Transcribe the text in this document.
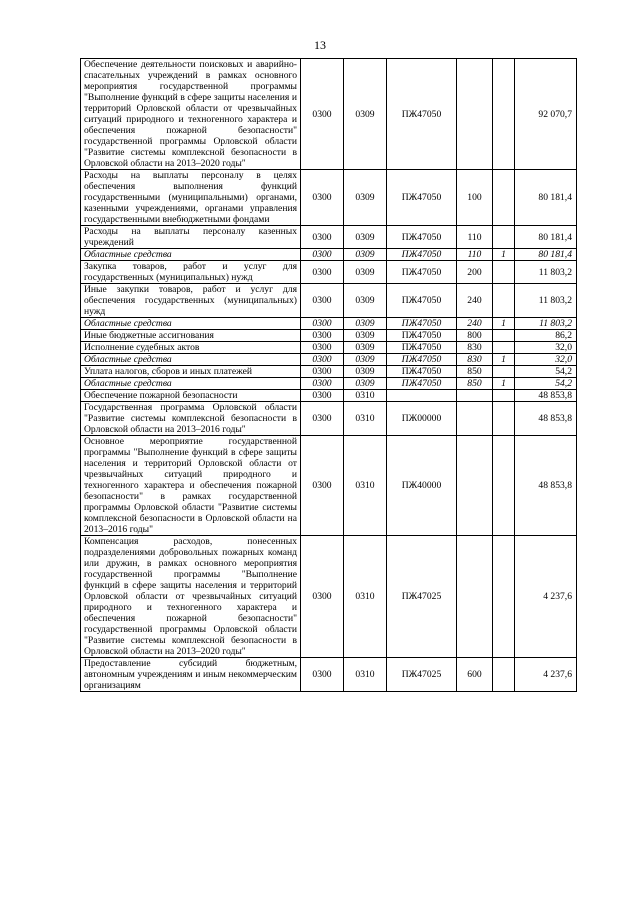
13
Обеспечение деятельности поисковых и аварийно-спасательных учреждений в рамках основного мероприятия государственной программы "Выполнение функций в сфере защиты населения и территорий Орловской области от чрезвычайных ситуаций природного и техногенного характера и обеспечения пожарной безопасности" государственной программы Орловской области "Развитие системы комплексной безопасности в Орловской области на 2013–2020 годы"	0300	0309	ПЖ47050			92 070,7
Расходы на выплаты персоналу в целях обеспечения выполнения функций государственными (муниципальными) органами, казенными учреждениями, органами управления государственными внебюджетными фондами	0300	0309	ПЖ47050	100		80 181,4
Расходы на выплаты персоналу казенных учреждений	0300	0309	ПЖ47050	110		80 181,4
Областные средства	0300	0309	ПЖ47050	110	1	80 181,4
Закупка товаров, работ и услуг для государственных (муниципальных) нужд	0300	0309	ПЖ47050	200		11 803,2
Иные закупки товаров, работ и услуг для обеспечения государственных (муниципальных) нужд	0300	0309	ПЖ47050	240		11 803,2
Областные средства	0300	0309	ПЖ47050	240	1	11 803,2
Иные бюджетные ассигнования	0300	0309	ПЖ47050	800		86,2
Исполнение судебных актов	0300	0309	ПЖ47050	830		32,0
Областные средства	0300	0309	ПЖ47050	830	1	32,0
Уплата налогов, сборов и иных платежей	0300	0309	ПЖ47050	850		54,2
Областные средства	0300	0309	ПЖ47050	850	1	54,2
Обеспечение пожарной безопасности	0300	0310				48 853,8
Государственная программа Орловской области "Развитие системы комплексной безопасности в Орловской области на 2013–2016 годы"	0300	0310	ПЖ00000			48 853,8
Основное мероприятие государственной программы "Выполнение функций в сфере защиты населения и территорий Орловской области от чрезвычайных ситуаций природного и техногенного характера и обеспечения пожарной безопасности" в рамках государственной программы Орловской области "Развитие системы комплексной безопасности в Орловской области на 2013–2016 годы"	0300	0310	ПЖ40000			48 853,8
Компенсация расходов, понесенных подразделениями добровольных пожарных команд или дружин, в рамках основного мероприятия государственной программы "Выполнение функций в сфере защиты населения и территорий Орловской области от чрезвычайных ситуаций природного и техногенного характера и обеспечения пожарной безопасности" государственной программы Орловской области "Развитие системы комплексной безопасности в Орловской области на 2013–2020 годы"	0300	0310	ПЖ47025			4 237,6
Предоставление субсидий бюджетным, автономным учреждениям и иным некоммерческим организациям	0300	0310	ПЖ47025	600		4 237,6
